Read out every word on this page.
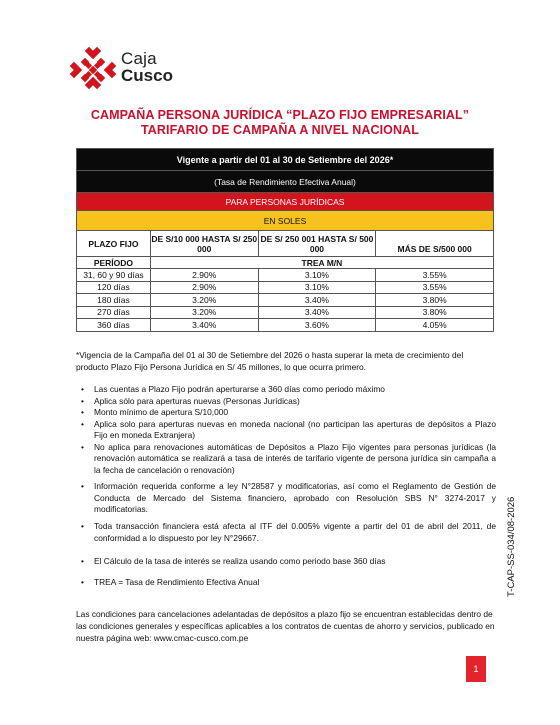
Caja
Cusco
CAMPAÑA PERSONA JURÍDICA “PLAZO FIJO EMPRESARIAL”
TARIFARIO DE CAMPAÑA A NIVEL NACIONAL
Vigente a partir del 01 al 30 de Setiembre del 2026*			
(Tasa de Rendimiento Efectiva Anual)			
PARA PERSONAS JURÍDICAS			
EN SOLES			
PLAZO FIJO	DE S/10 000 HASTA S/ 250 000	DE S/ 250 001 HASTA S/ 500 000	MÁS DE S/500 000
PERÍODO	TREA M/N		
31, 60 y 90 días	2.90%	3.10%	3.55%
120 días	2.90%	3.10%	3.55%
180 días	3.20%	3.40%	3.80%
270 días	3.20%	3.40%	3.80%
360 días	3.40%	3.60%	4.05%
*Vigencia de la Campaña del 01 al 30 de Setiembre del 2026 o hasta superar la meta de crecimiento del producto Plazo Fijo Persona Jurídica en S/ 45 millones, lo que ocurra primero.
• Las cuentas a Plazo Fijo podrán aperturarse a 360 días como periodo máximo
• Aplica sólo para aperturas nuevas (Personas Jurídicas)
• Monto mínimo de apertura S/10,000
• Aplica solo para aperturas nuevas en moneda nacional (no participan las aperturas de depósitos a Plazo Fijo en moneda Extranjera)
• No aplica para renovaciones automáticas de Depósitos a Plazo Fijo vigentes para personas jurídicas (la renovación automática se realizará a tasa de interés de tarifario vigente de persona jurídica sin campaña a la fecha de cancelación o renovación)
• Información requerida conforme a ley N°28587 y modificatorias, así como el Reglamento de Gestión de Conducta de Mercado del Sistema financiero, aprobado con Resolución SBS N° 3274-2017 y modificatorias.
• Toda transacción financiera está afecta al ITF del 0.005% vigente a partir del 01 de abril del 2011, de conformidad a lo dispuesto por ley N°29667.
• El Cálculo de la tasa de interés se realiza usando como periodo base 360 días
• TREA = Tasa de Rendimiento Efectiva Anual
Las condiciones para cancelaciones adelantadas de depósitos a plazo fijo se encuentran establecidas dentro de las condiciones generales y específicas aplicables a los contratos de cuentas de ahorro y servicios, publicado en nuestra página web: www.cmac-cusco.com.pe
T-CAP-SS-034/08-2026
1
